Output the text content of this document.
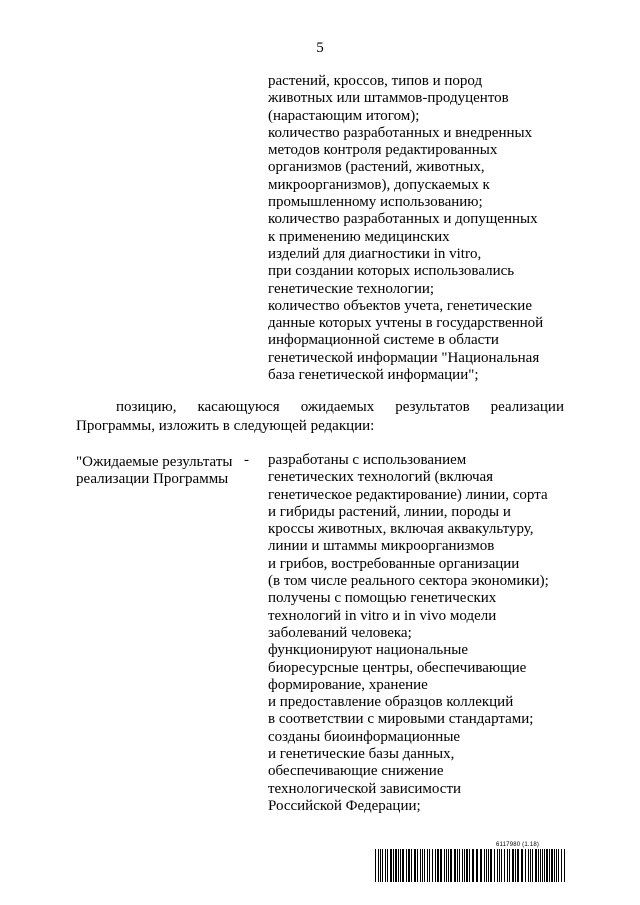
5
растений, кроссов, типов и пород
животных или штаммов-продуцентов
(нарастающим итогом);
количество разработанных и внедренных
методов контроля редактированных
организмов (растений, животных,
микроорганизмов), допускаемых к
промышленному использованию;
количество разработанных и допущенных
к применению медицинских
изделий для диагностики in vitro,
при создании которых использовались
генетические технологии;
количество объектов учета, генетические
данные которых учтены в государственной
информационной системе в области
генетической информации "Национальная
база генетической информации";
позицию, касающуюся ожидаемых результатов реализации
Программы, изложить в следующей редакции:
"Ожидаемые результаты
реализации Программы
- разработаны с использованием
генетических технологий (включая
генетическое редактирование) линии, сорта
и гибриды растений, линии, породы и
кроссы животных, включая аквакультуру,
линии и штаммы микроорганизмов
и грибов, востребованные организации
(в том числе реального сектора экономики);
получены с помощью генетических
технологий in vitro и in vivo модели
заболеваний человека;
функционируют национальные
биоресурсные центры, обеспечивающие
формирование, хранение
и предоставление образцов коллекций
в соответствии с мировыми стандартами;
созданы биоинформационные
и генетические базы данных,
обеспечивающие снижение
технологической зависимости
Российской Федерации;
6117980 (1.18)
